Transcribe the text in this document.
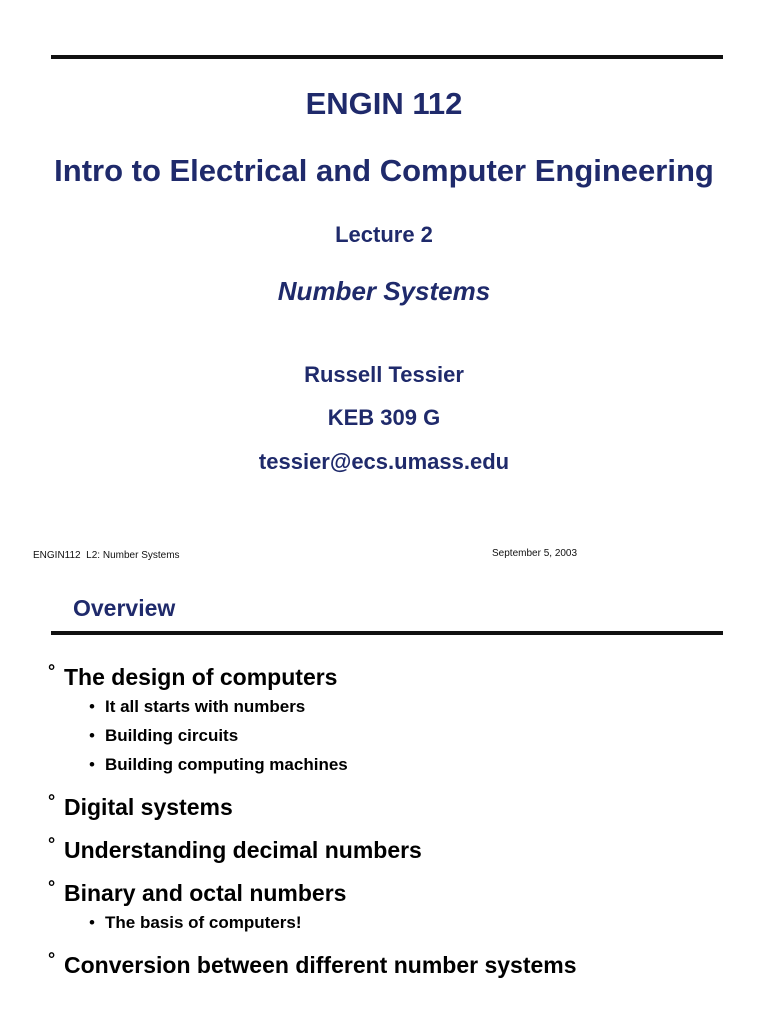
ENGIN 112
Intro to Electrical and Computer Engineering
Lecture 2
Number Systems
Russell Tessier
KEB 309 G
tessier@ecs.umass.edu
ENGIN112  L2: Number Systems	September 5, 2003
Overview
° The design of computers
• It all starts with numbers
• Building circuits
• Building computing machines
° Digital systems
° Understanding decimal numbers
° Binary and octal numbers
• The basis of computers!
° Conversion between different number systems
